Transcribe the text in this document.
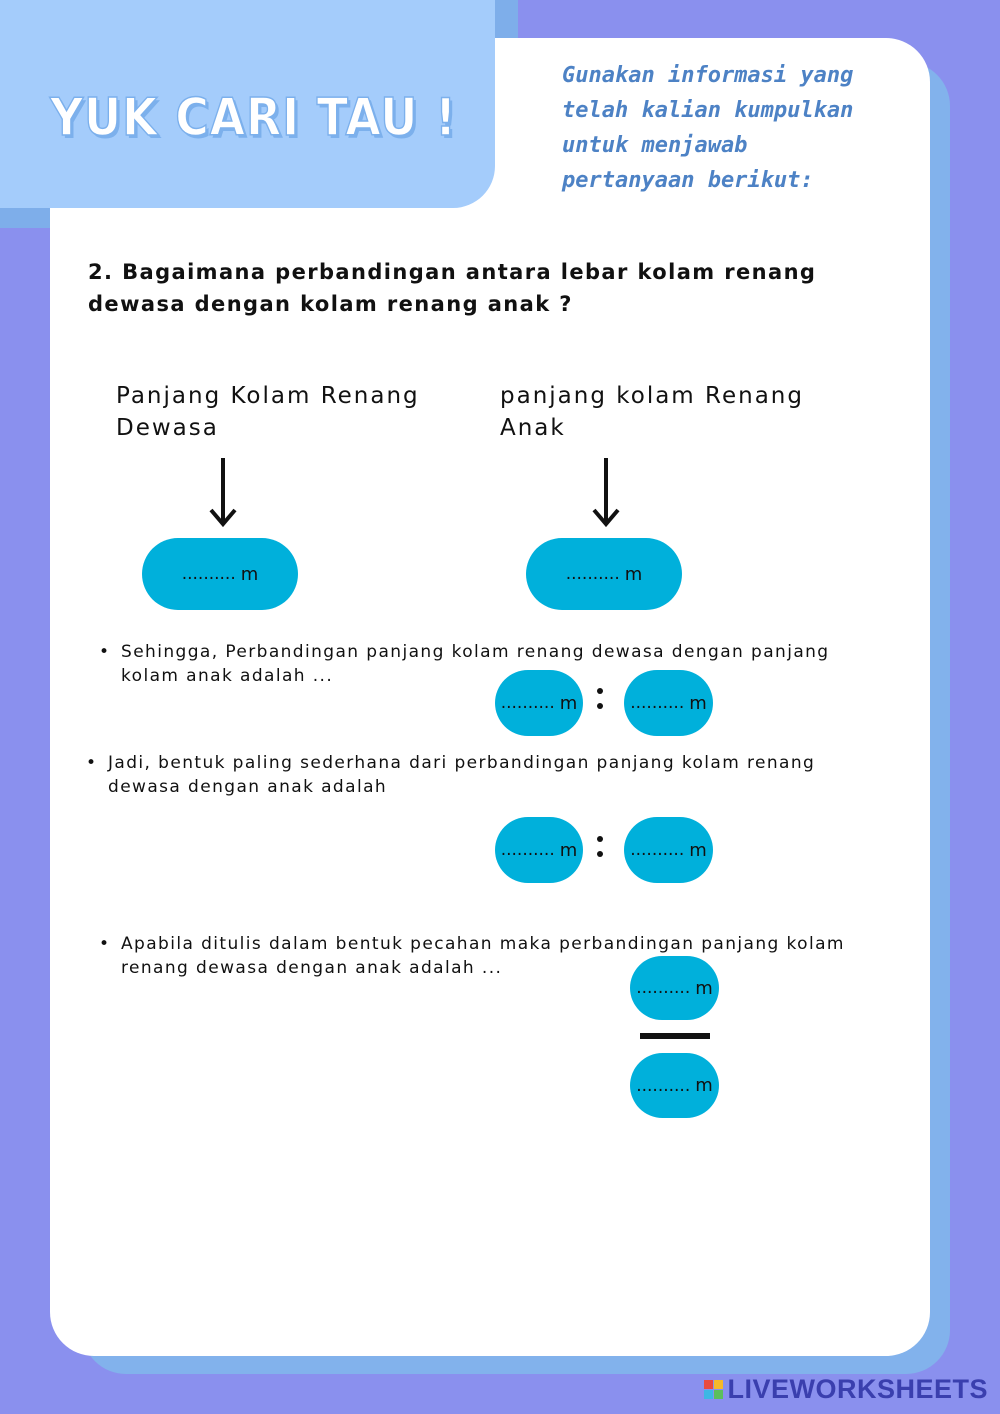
YUK CARI TAU !

Gunakan informasi yang telah kalian kumpulkan untuk menjawab pertanyaan berikut:

2. Bagaimana perbandingan antara lebar kolam renang dewasa dengan kolam renang anak ?

Panjang Kolam Renang Dewasa

panjang kolam Renang Anak

.......... m	.......... m

• Sehingga, Perbandingan panjang kolam renang dewasa dengan panjang kolam anak adalah ...

.......... m	.......... m

• Jadi, bentuk paling sederhana dari perbandingan panjang kolam renang dewasa dengan anak adalah

.......... m	.......... m

• Apabila ditulis dalam bentuk pecahan maka perbandingan panjang kolam renang dewasa dengan anak adalah ...

.......... m
.......... m
LIVEWORKSHEETS
